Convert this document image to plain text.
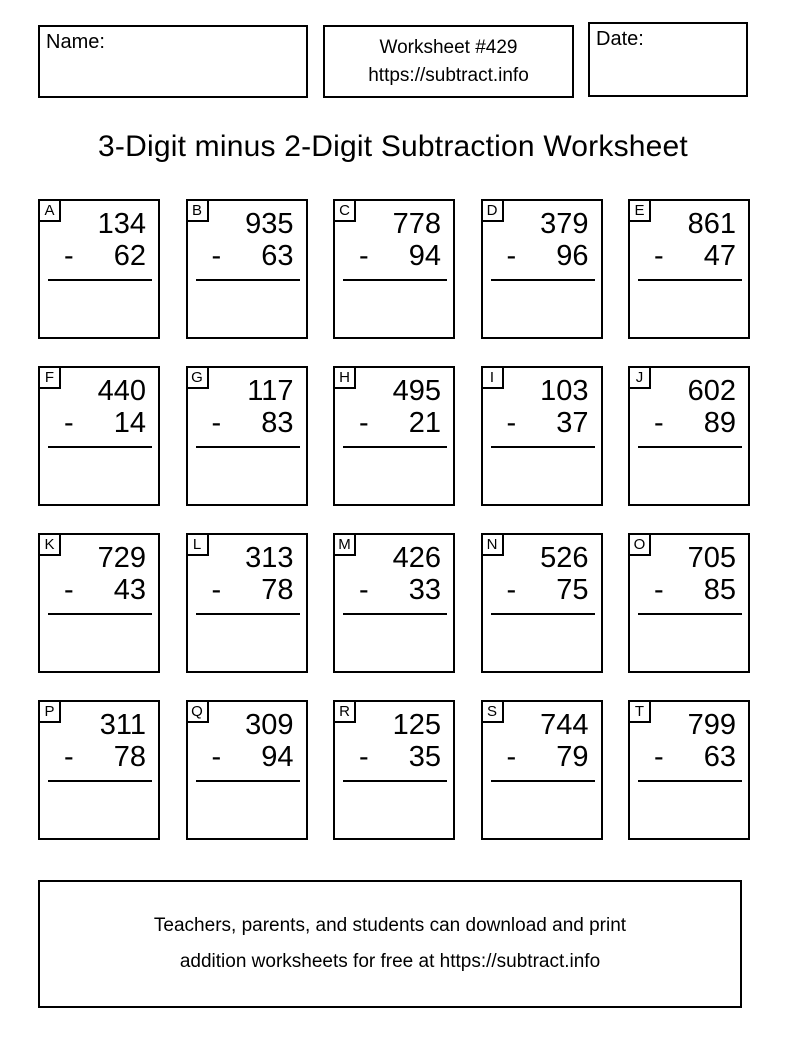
Name:	Worksheet #429
https://subtract.info
Date:
3-Digit minus 2-Digit Subtraction Worksheet
A	134
- 62
B	935
- 63
C	778
- 94
D	379
- 96
E	861
- 47
F	440
- 14
G	117
- 83
H	495
- 21
I	103
- 37
J	602
- 89
K	729
- 43
L	313
- 78
M	426
- 33
N	526
- 75
O	705
- 85
P	311
- 78
Q	309
- 94
R	125
- 35
S	744
- 79
T	799
- 63
Teachers, parents, and students can download and print
addition worksheets for free at https://subtract.info
